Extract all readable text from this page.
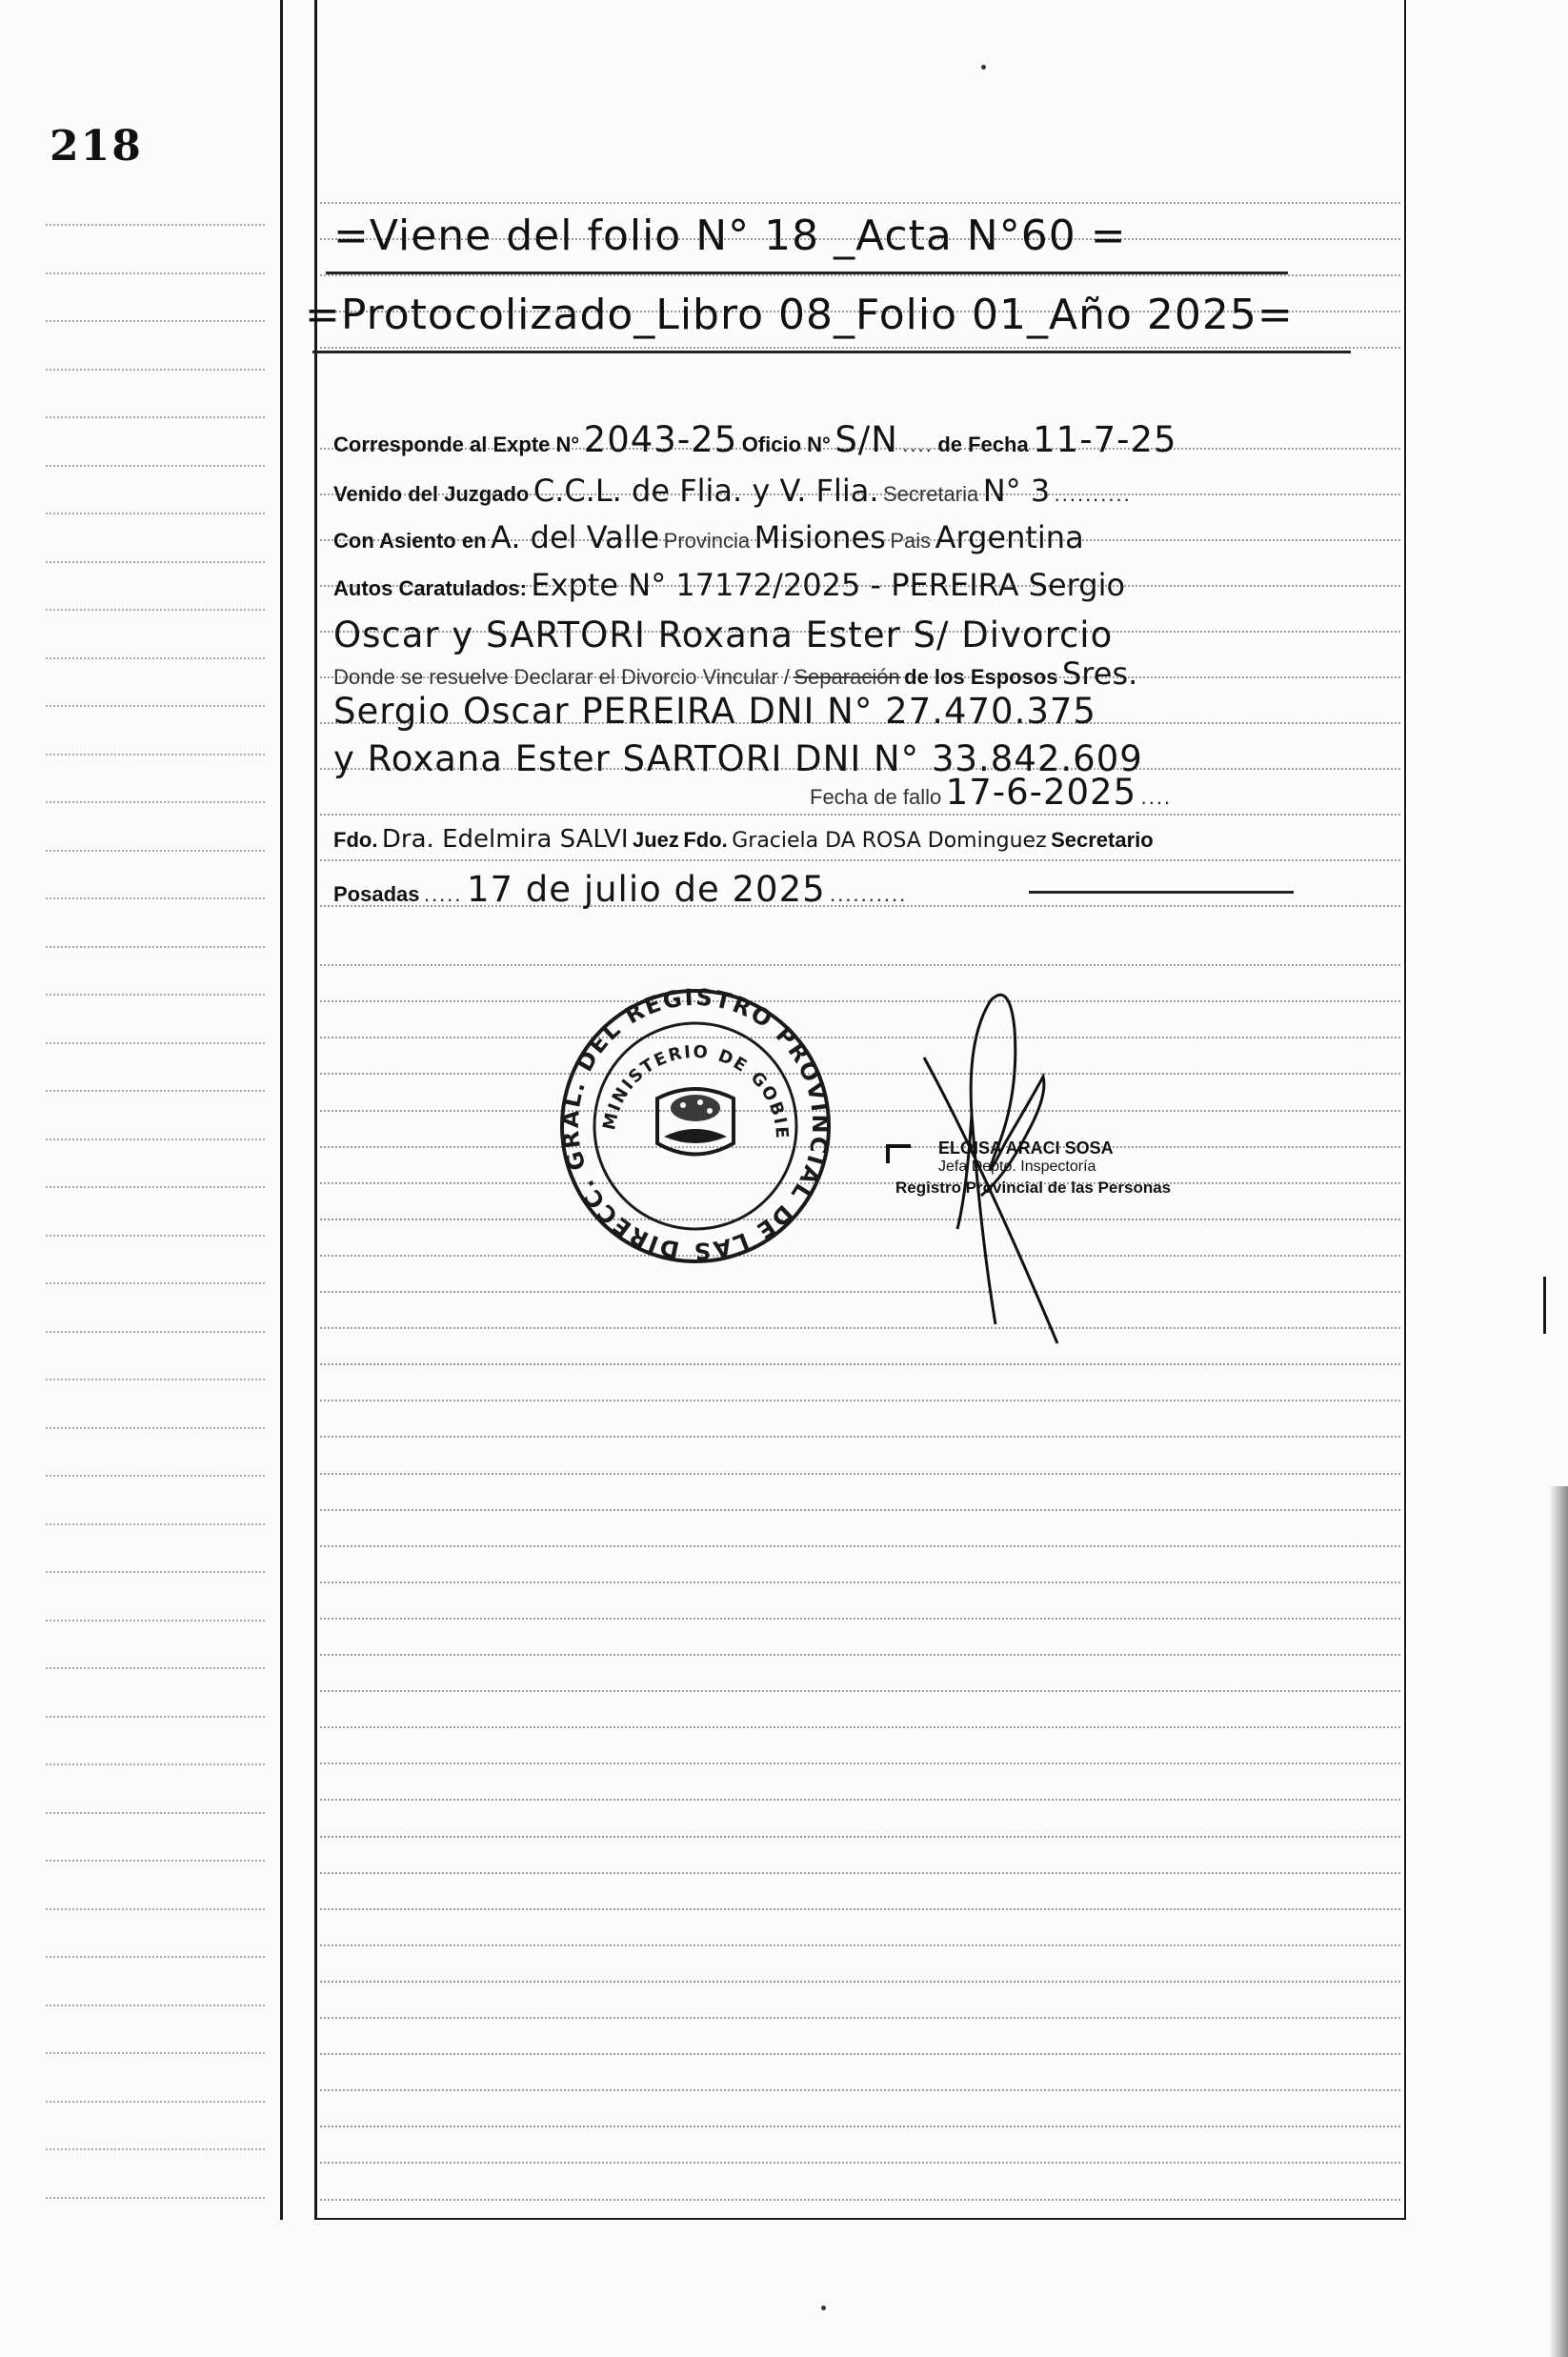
218
=Viene del folio N° 18 _Acta N°60 =
=Protocolizado_Libro 08_Folio 01_Año 2025=
Corresponde al Expte N° 2043-25 Oficio N° S/N .... de Fecha 11-7-25
Venido del Juzgado C.C.L. de Flia. y V. Flia. Secretaria N° 3 ..........
Con Asiento en A. del Valle Provincia Misiones Pais Argentina
Autos Caratulados: Expte N° 17172/2025 - PEREIRA Sergio
Oscar y SARTORI Roxana Ester S/ Divorcio
Donde se resuelve Declarar el Divorcio Vincular / Separación de los Esposos Sres.
Sergio Oscar PEREIRA DNI N° 27.470.375
y Roxana Ester SARTORI DNI N° 33.842.609
Fecha de fallo 17-6-2025 ....
Fdo. Dra. Edelmira SALVI Juez Fdo. Graciela DA ROSA Dominguez Secretario
Posadas ..... 17 de julio de 2025 ..........
DIRECC. GRAL. DEL REGISTRO PROVINCIAL DE LAS
MINISTERIO DE GOBIE
ELOISA ARACI SOSA
Jefa Depto. Inspectoría
Registro Provincial de las Personas
